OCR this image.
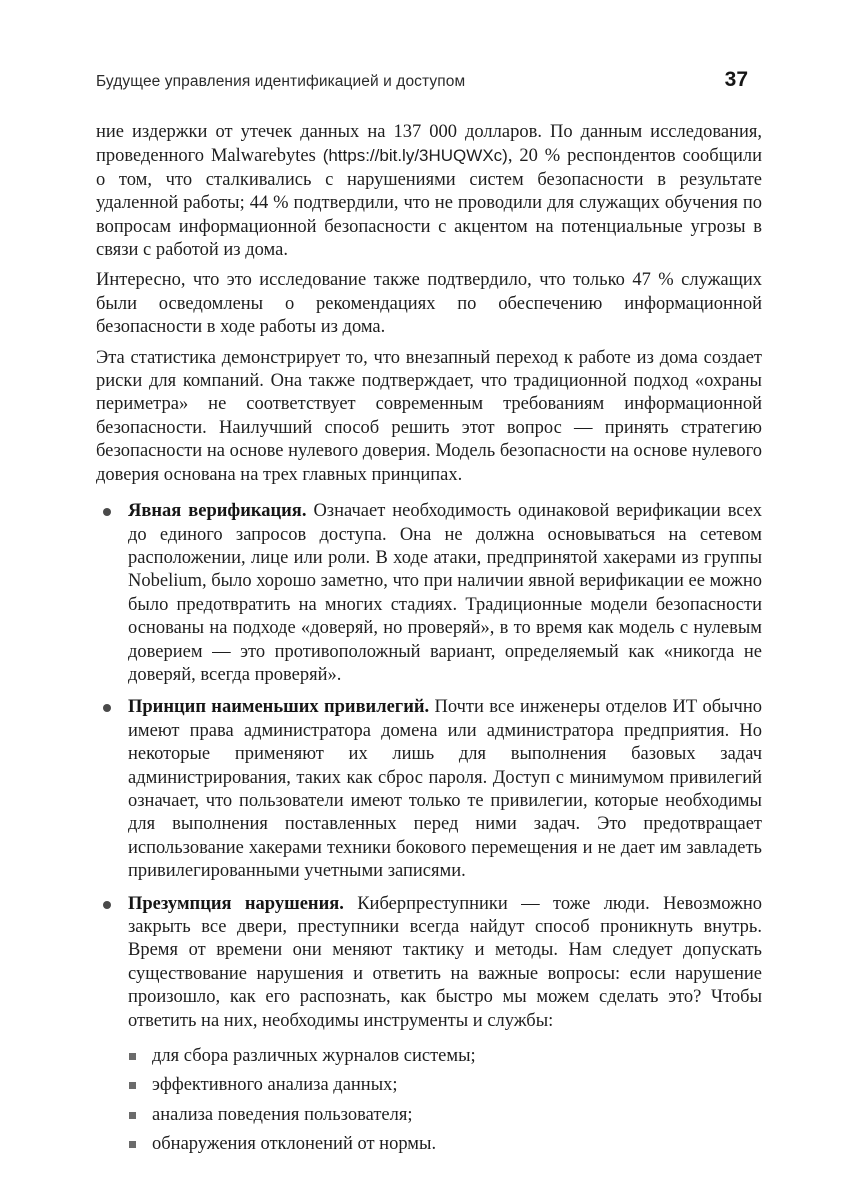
Будущее управления идентификацией и доступом	37

ние издержки от утечек данных на 137 000 долларов. По данным исследования, проведенного Malwarebytes (https://bit.ly/3HUQWXc), 20 % респондентов сообщили о том, что сталкивались с нарушениями систем безопасности в результате удаленной работы; 44 % подтвердили, что не проводили для служащих обучения по вопросам информационной безопасности с акцентом на потенциальные угрозы в связи с работой из дома.

Интересно, что это исследование также подтвердило, что только 47 % служащих были осведомлены о рекомендациях по обеспечению информационной безопасности в ходе работы из дома.

Эта статистика демонстрирует то, что внезапный переход к работе из дома создает риски для компаний. Она также подтверждает, что традиционной подход «охраны периметра» не соответствует современным требованиям информационной безопасности. Наилучший способ решить этот вопрос — принять стратегию безопасности на основе нулевого доверия. Модель безопасности на основе нулевого доверия основана на трех главных принципах.

Явная верификация. Означает необходимость одинаковой верификации всех до единого запросов доступа. Она не должна основываться на сетевом расположении, лице или роли. В ходе атаки, предпринятой хакерами из группы Nobelium, было хорошо заметно, что при наличии явной верификации ее можно было предотвратить на многих стадиях. Традиционные модели безопасности основаны на подходе «доверяй, но проверяй», в то время как модель с нулевым доверием — это противоположный вариант, определяемый как «никогда не доверяй, всегда проверяй».
Принцип наименьших привилегий. Почти все инженеры отделов ИТ обычно имеют права администратора домена или администратора предприятия. Но некоторые применяют их лишь для выполнения базовых задач администрирования, таких как сброс пароля. Доступ с минимумом привилегий означает, что пользователи имеют только те привилегии, которые необходимы для выполнения поставленных перед ними задач. Это предотвращает использование хакерами техники бокового перемещения и не дает им завладеть привилегированными учетными записями.
Презумпция нарушения. Киберпреступники — тоже люди. Невозможно закрыть все двери, преступники всегда найдут способ проникнуть внутрь. Время от времени они меняют тактику и методы. Нам следует допускать существование нарушения и ответить на важные вопросы: если нарушение произошло, как его распознать, как быстро мы можем сделать это? Чтобы ответить на них, необходимы инструменты и службы:
для сбора различных журналов системы;
эффективного анализа данных;
анализа поведения пользователя;
обнаружения отклонений от нормы.
